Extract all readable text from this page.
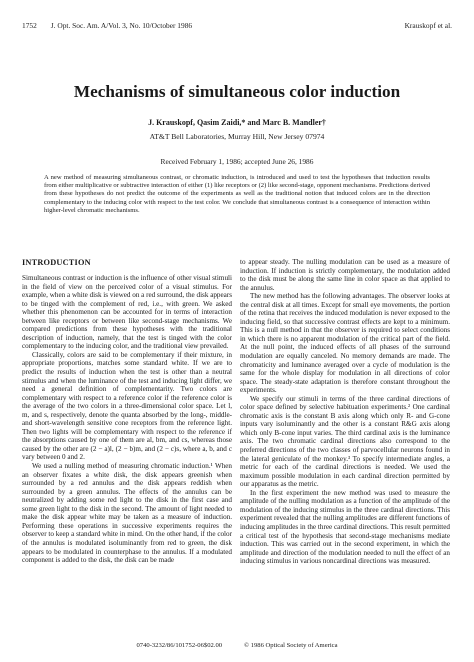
1752 J. Opt. Soc. Am. A/Vol. 3, No. 10/October 1986	Krauskopf et al.
Mechanisms of simultaneous color induction
J. Krauskopf, Qasim Zaidi,* and Marc B. Mandler†
AT&T Bell Laboratories, Murray Hill, New Jersey 07974
Received February 1, 1986; accepted June 26, 1986
A new method of measuring simultaneous contrast, or chromatic induction, is introduced and used to test the hypotheses that induction results from either multiplicative or subtractive interaction of either (1) like receptors or (2) like second-stage, opponent mechanisms. Predictions derived from these hypotheses do not predict the outcome of the experiments as well as the traditional notion that induced colors are in the direction complementary to the inducing color with respect to the test color. We conclude that simultaneous contrast is a consequence of interaction within higher-level chromatic mechanisms.
INTRODUCTION

Simultaneous contrast or induction is the influence of other visual stimuli in the field of view on the perceived color of a visual stimulus. For example, when a white disk is viewed on a red surround, the disk appears to be tinged with the complement of red, i.e., with green. We asked whether this phenomenon can be accounted for in terms of interaction between like receptors or between like second-stage mechanisms. We compared predictions from these hypotheses with the traditional description of induction, namely, that the test is tinged with the color complementary to the inducing color, and the traditional view prevailed.

Classically, colors are said to be complementary if their mixture, in appropriate proportions, matches some standard white. If we are to predict the results of induction when the test is other than a neutral stimulus and when the luminance of the test and inducing light differ, we need a general definition of complementarity. Two colors are complementary with respect to a reference color if the reference color is the average of the two colors in a three-dimensional color space. Let l, m, and s, respectively, denote the quanta absorbed by the long-, middle- and short-wavelength sensitive cone receptors from the reference light. Then two lights will be complementary with respect to the reference if the absorptions caused by one of them are al, bm, and cs, whereas those caused by the other are (2 − a)l, (2 − b)m, and (2 − c)s, where a, b, and c vary between 0 and 2.

We used a nulling method of measuring chromatic induction.¹ When an observer fixates a white disk, the disk appears greenish when surrounded by a red annulus and the disk appears reddish when surrounded by a green annulus. The effects of the annulus can be neutralized by adding some red light to the disk in the first case and some green light to the disk in the second. The amount of light needed to make the disk appear white may be taken as a measure of induction. Performing these operations in successive experiments requires the observer to keep a standard white in mind. On the other hand, if the color of the annulus is modulated isoluminantly from red to green, the disk appears to be modulated in counterphase to the annulus. If a modulated component is added to the disk, the disk can be made

to appear steady. The nulling modulation can be used as a measure of induction. If induction is strictly complementary, the modulation added to the disk must be along the same line in color space as that applied to the annulus.

The new method has the following advantages. The observer looks at the central disk at all times. Except for small eye movements, the portion of the retina that receives the induced modulation is never exposed to the inducing field, so that successive contrast effects are kept to a minimum. This is a null method in that the observer is required to select conditions in which there is no apparent modulation of the critical part of the field. At the null point, the induced effects of all phases of the surround modulation are equally canceled. No memory demands are made. The chromaticity and luminance averaged over a cycle of modulation is the same for the whole display for modulation in all directions of color space. The steady-state adaptation is therefore constant throughout the experiments.

We specify our stimuli in terms of the three cardinal directions of color space defined by selective habituation experiments.² One cardinal chromatic axis is the constant B axis along which only R- and G-cone inputs vary isoluminantly and the other is a constant R&G axis along which only B-cone input varies. The third cardinal axis is the luminance axis. The two chromatic cardinal directions also correspond to the preferred directions of the two classes of parvocellular neurons found in the lateral geniculate of the monkey.³ To specify intermediate angles, a metric for each of the cardinal directions is needed. We used the maximum possible modulation in each cardinal direction permitted by our apparatus as the metric.

In the first experiment the new method was used to measure the amplitude of the nulling modulation as a function of the amplitude of the modulation of the inducing stimulus in the three cardinal directions. This experiment revealed that the nulling amplitudes are different functions of inducing amplitudes in the three cardinal directions. This result permitted a critical test of the hypothesis that second-stage mechanisms mediate induction. This was carried out in the second experiment, in which the amplitude and direction of the modulation needed to null the effect of an inducing stimulus in various noncardinal directions was measured.

0740-3232/86/101752-06$02.00	© 1986 Optical Society of America
